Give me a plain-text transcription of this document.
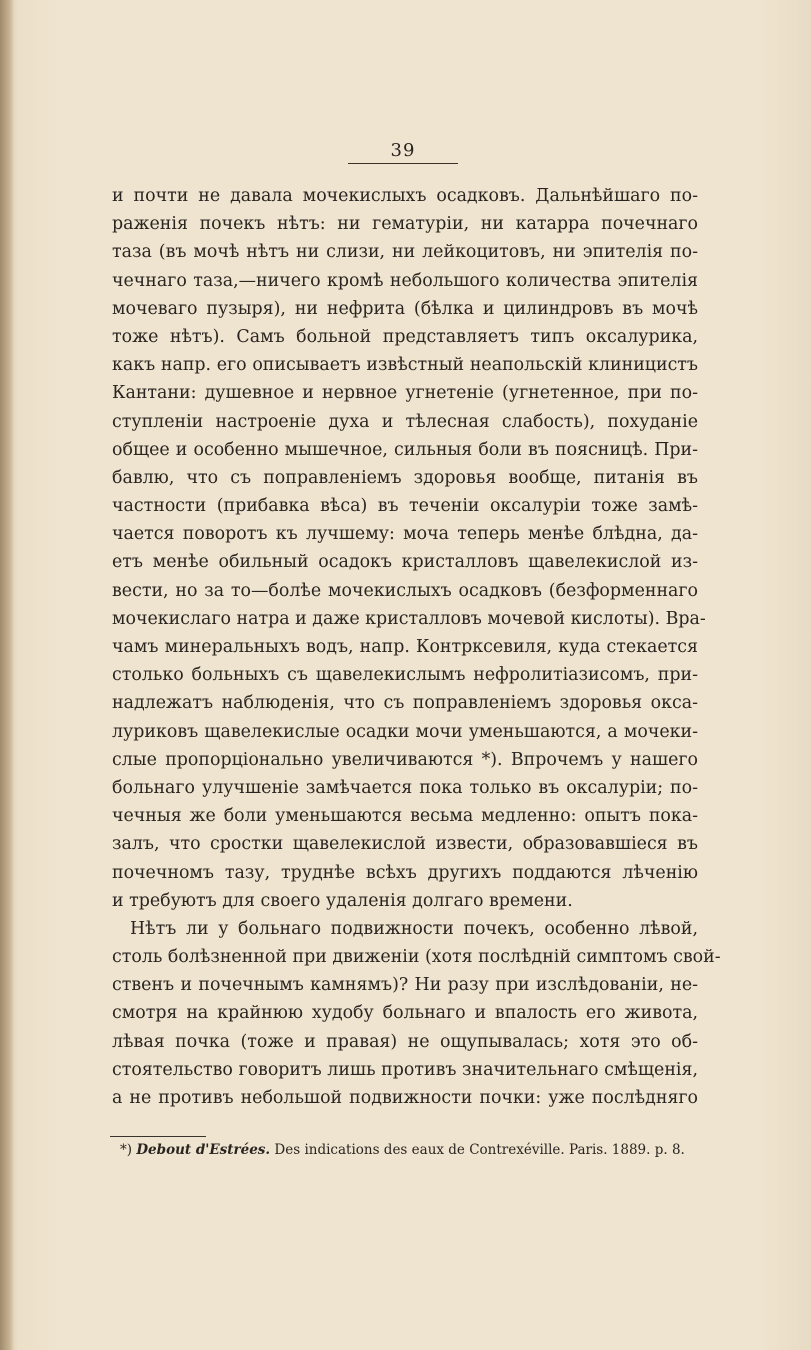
39
и почти не давала мочекислыхъ осадковъ. Дальнѣйшаго по-
раженія почекъ нѣтъ: ни гематуріи, ни катарра почечнаго
таза (въ мочѣ нѣтъ ни слизи, ни лейкоцитовъ, ни эпителія по-
чечнаго таза,—ничего кромѣ небольшого количества эпителія
мочеваго пузыря), ни нефрита (бѣлка и цилиндровъ въ мочѣ
тоже нѣтъ). Самъ больной представляетъ типъ оксалурика,
какъ напр. его описываетъ извѣстный неапольскій клиницистъ
Кантани: душевное и нервное угнетеніе (угнетенное, при по-
ступленіи настроеніе духа и тѣлесная слабость), похуданіе
общее и особенно мышечное, сильныя боли въ поясницѣ. При-
бавлю, что съ поправленіемъ здоровья вообще, питанія въ
частности (прибавка вѣса) въ теченіи оксалуріи тоже замѣ-
чается поворотъ къ лучшему: моча теперь менѣе блѣдна, да-
етъ менѣе обильный осадокъ кристалловъ щавелекислой из-
вести, но за то—болѣе мочекислыхъ осадковъ (безформеннаго
мочекислаго натра и даже кристалловъ мочевой кислоты). Вра-
чамъ минеральныхъ водъ, напр. Контрксевиля, куда стекается
столько больныхъ съ щавелекислымъ нефролитіазисомъ, при-
надлежатъ наблюденія, что съ поправленіемъ здоровья окса-
луриковъ щавелекислые осадки мочи уменьшаются, а мочеки-
слые пропорціонально увеличиваются *). Впрочемъ у нашего
больнаго улучшеніе замѣчается пока только въ оксалуріи; по-
чечныя же боли уменьшаются весьма медленно: опытъ пока-
залъ, что сростки щавелекислой извести, образовавшіеся въ
почечномъ тазу, труднѣе всѣхъ другихъ поддаются лѣченію
и требуютъ для своего удаленія долгаго времени.
Нѣтъ ли у больнаго подвижности почекъ, особенно лѣвой,
столь болѣзненной при движеніи (хотя послѣдній симптомъ свой-
ственъ и почечнымъ камнямъ)? Ни разу при изслѣдованіи, не-
смотря на крайнюю худобу больнаго и впалость его живота,
лѣвая почка (тоже и правая) не ощупывалась; хотя это об-
стоятельство говоритъ лишь противъ значительнаго смѣщенія,
а не противъ небольшой подвижности почки: уже послѣдняго
*) Debout d'Estrées. Des indications des eaux de Contrexéville. Paris. 1889. p. 8.
